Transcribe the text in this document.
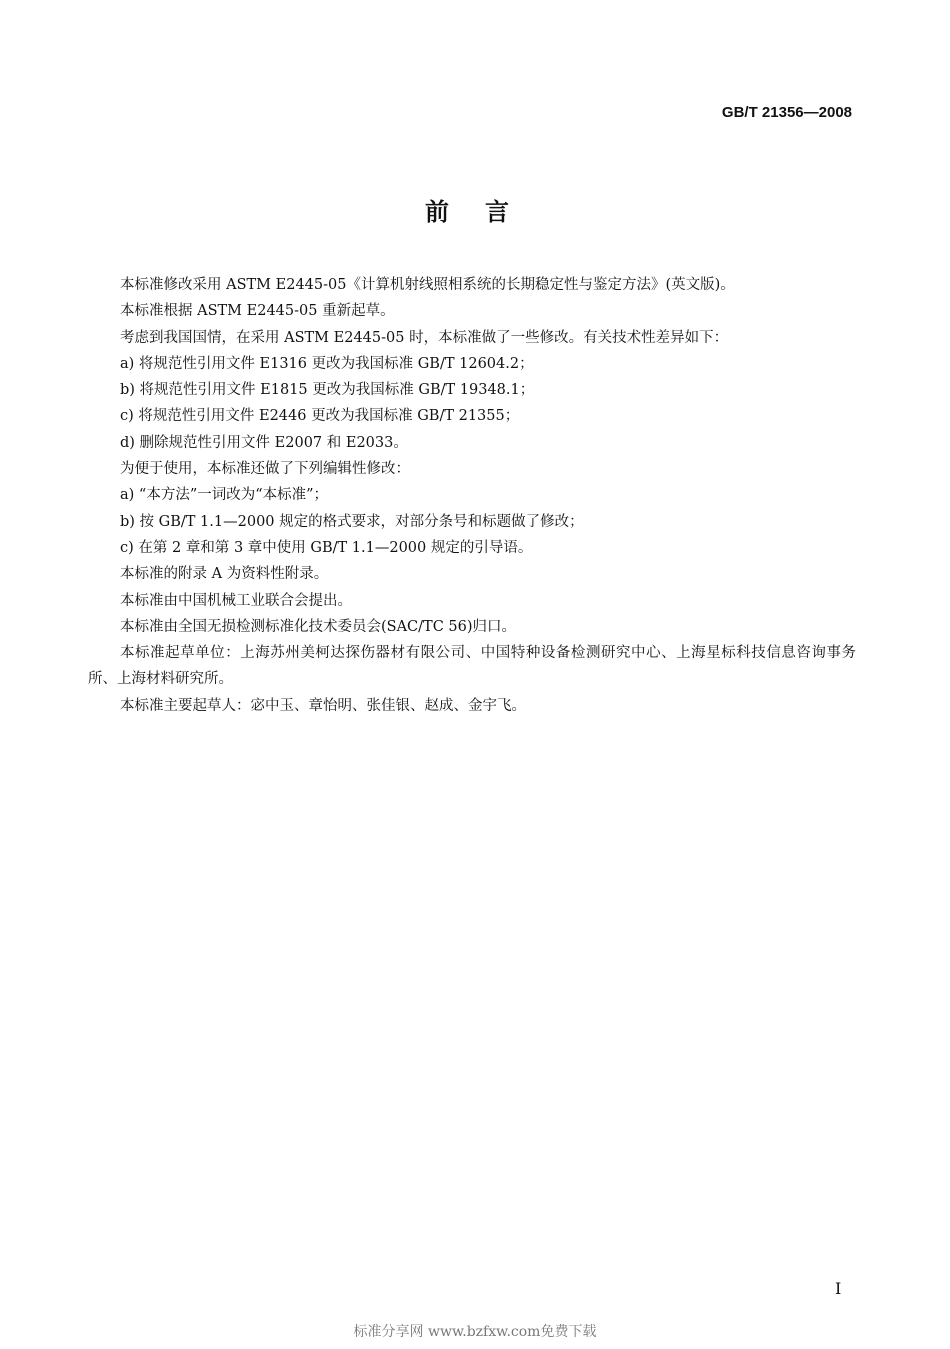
GB/T 21356—2008
前 言

本标准修改采用 ASTM E2445-05《计算机射线照相系统的长期稳定性与鉴定方法》(英文版)。

本标准根据 ASTM E2445-05 重新起草。

考虑到我国国情，在采用 ASTM E2445-05 时，本标准做了一些修改。有关技术性差异如下：

a) 将规范性引用文件 E1316 更改为我国标准 GB/T 12604.2；

b) 将规范性引用文件 E1815 更改为我国标准 GB/T 19348.1；

c) 将规范性引用文件 E2446 更改为我国标准 GB/T 21355；

d) 删除规范性引用文件 E2007 和 E2033。

为便于使用，本标准还做了下列编辑性修改：

a) “本方法”一词改为“本标准”；

b) 按 GB/T 1.1—2000 规定的格式要求，对部分条号和标题做了修改；

c) 在第 2 章和第 3 章中使用 GB/T 1.1—2000 规定的引导语。

本标准的附录 A 为资料性附录。

本标准由中国机械工业联合会提出。

本标准由全国无损检测标准化技术委员会(SAC/TC 56)归口。

本标准起草单位：上海苏州美柯达探伤器材有限公司、中国特种设备检测研究中心、上海星标科技信息咨询事务所、上海材料研究所。

本标准主要起草人：宓中玉、章怡明、张佳银、赵成、金宇飞。

I
标准分享网 www.bzfxw.com免费下载
